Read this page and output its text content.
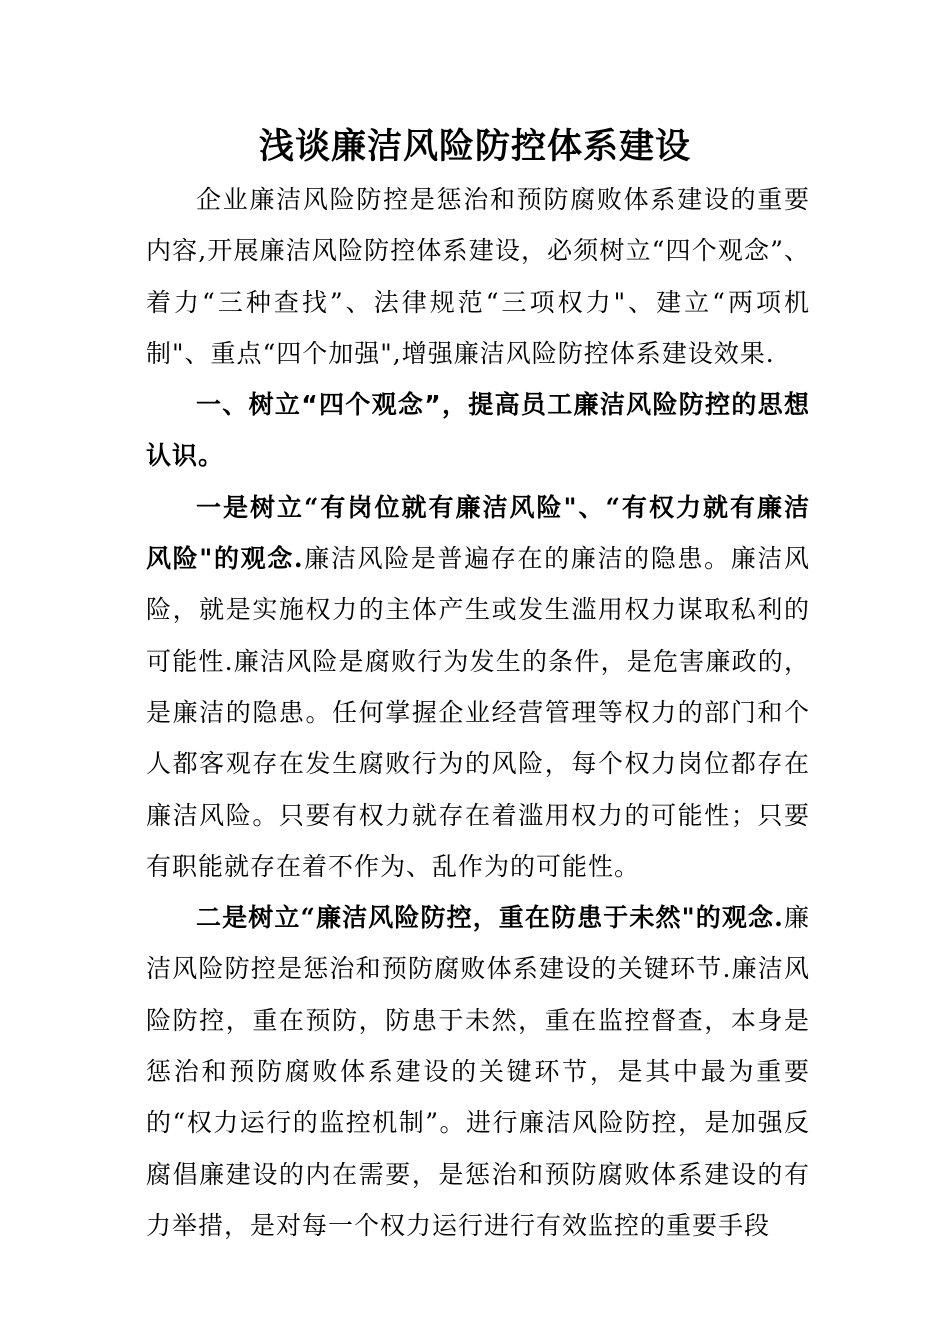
浅谈廉洁风险防控体系建设

企业廉洁风险防控是惩治和预防腐败体系建设的重要内容,开展廉洁风险防控体系建设，必须树立“四个观念”、着力“三种查找”、法律规范“三项权力"、建立“两项机制"、重点“四个加强",增强廉洁风险防控体系建设效果.

一、树立“四个观念”，提高员工廉洁风险防控的思想认识。

一是树立“有岗位就有廉洁风险"、“有权力就有廉洁风险"的观念.廉洁风险是普遍存在的廉洁的隐患。廉洁风险，就是实施权力的主体产生或发生滥用权力谋取私利的可能性.廉洁风险是腐败行为发生的条件，是危害廉政的，是廉洁的隐患。任何掌握企业经营管理等权力的部门和个人都客观存在发生腐败行为的风险，每个权力岗位都存在廉洁风险。只要有权力就存在着滥用权力的可能性；只要有职能就存在着不作为、乱作为的可能性。

二是树立“廉洁风险防控，重在防患于未然"的观念.廉洁风险防控是惩治和预防腐败体系建设的关键环节.廉洁风险防控，重在预防，防患于未然，重在监控督查，本身是惩治和预防腐败体系建设的关键环节，是其中最为重要的“权力运行的监控机制”。进行廉洁风险防控，是加强反腐倡廉建设的内在需要，是惩治和预防腐败体系建设的有力举措，是对每一个权力运行进行有效监控的重要手段
